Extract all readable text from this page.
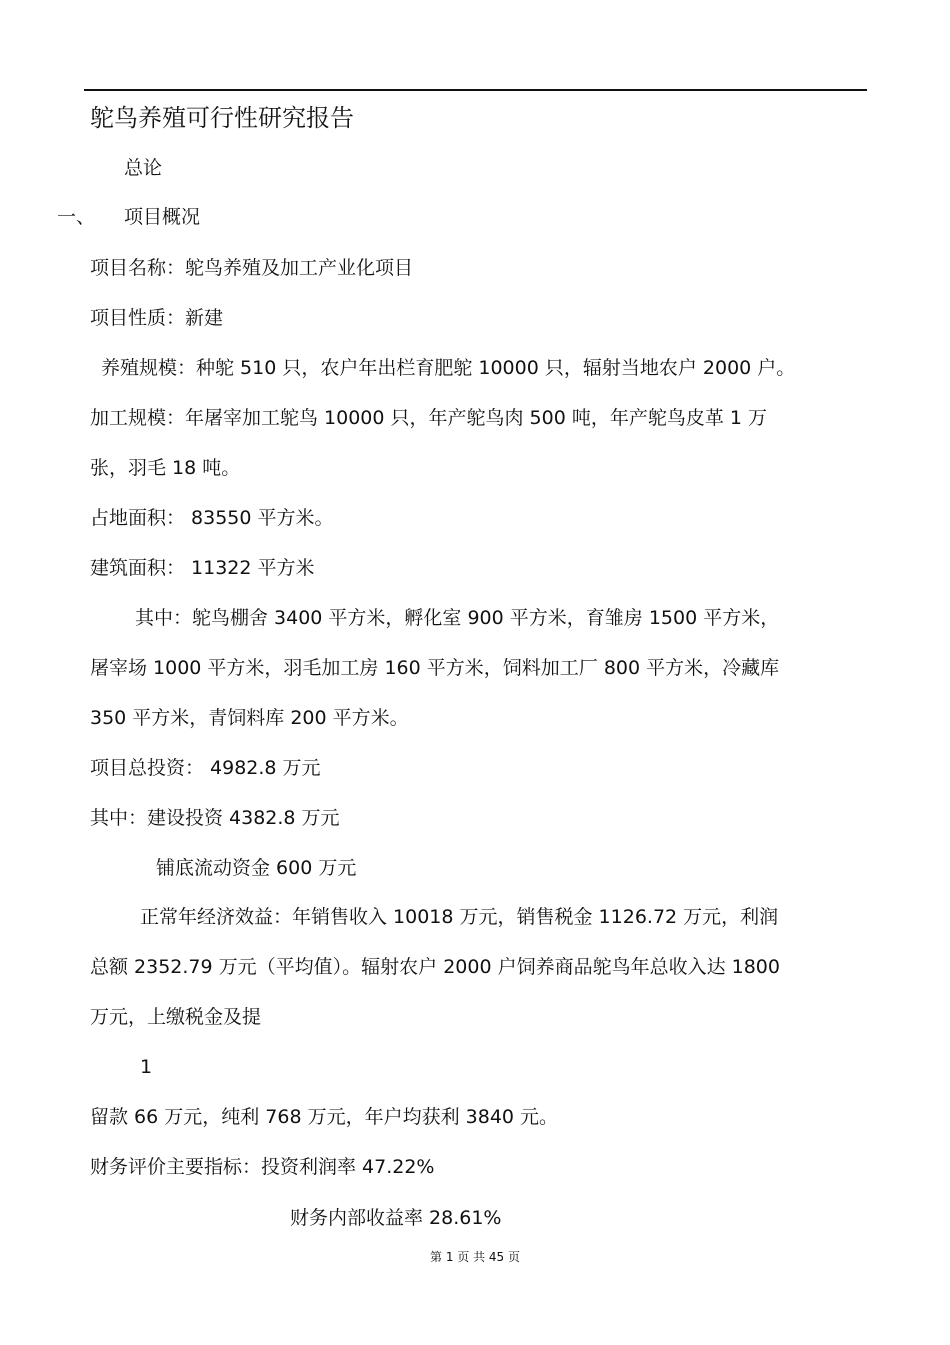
鸵鸟养殖可行性研究报告
总论
一、 项目概况
项目名称：鸵鸟养殖及加工产业化项目
项目性质：新建
养殖规模：种鸵 510 只，农户年出栏育肥鸵 10000 只，辐射当地农户 2000 户。
加工规模：年屠宰加工鸵鸟 10000 只，年产鸵鸟肉 500 吨，年产鸵鸟皮革 1 万
张，羽毛 18 吨。
占地面积： 83550 平方米。
建筑面积： 11322 平方米
其中：鸵鸟棚舍 3400 平方米，孵化室 900 平方米，育雏房 1500 平方米，
屠宰场 1000 平方米，羽毛加工房 160 平方米，饲料加工厂 800 平方米，冷藏库
350 平方米，青饲料库 200 平方米。
项目总投资： 4982.8 万元
其中：建设投资 4382.8 万元
铺底流动资金 600 万元
正常年经济效益：年销售收入 10018 万元，销售税金 1126.72 万元，利润
总额 2352.79 万元（平均值）。辐射农户 2000 户饲养商品鸵鸟年总收入达 1800
万元，上缴税金及提
1
留款 66 万元，纯利 768 万元，年户均获利 3840 元。
财务评价主要指标：投资利润率 47.22%
财务内部收益率 28.61%
第 1 页 共 45 页
